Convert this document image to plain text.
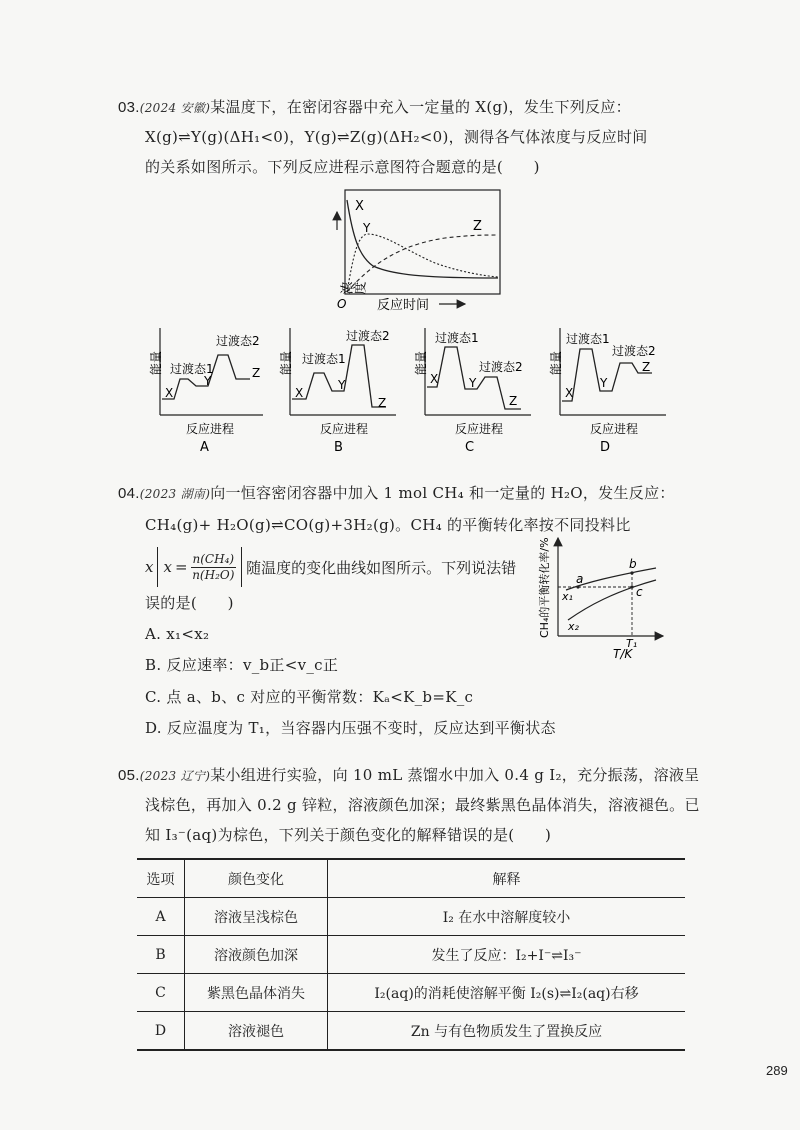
03.(2024 安徽)某温度下，在密闭容器中充入一定量的 X(g)，发生下列反应：
X(g)⇌Y(g)(ΔH₁<0)，Y(g)⇌Z(g)(ΔH₂<0)，测得各气体浓度与反应时间
的关系如图所示。下列反应进程示意图符合题意的是(　　)
X
Y	Z
浓度
O 反应时间
能量 过渡态1
过渡态2
X
Y
Z
反应进程
A
能量 过渡态1
过渡态2
X
Y
Z
反应进程
B
能量
过渡态1
过渡态2
X	Y
Z
反应进程
C
能量
过渡态1
过渡态2
X
Y
Z
反应进程
D
04.(2023 湖南)向一恒容密闭容器中加入 1 mol CH₄ 和一定量的 H₂O，发生反应：
CH₄(g)+ H₂O(g)⇌CO(g)+3H₂(g)。CH₄ 的平衡转化率按不同投料比
x $x = \frac{\text{n(CH₄)}}{\text{n(H₂O)}}$ 随温度的变化曲线如图所示。下列说法错
误的是(　　)
A. x₁<x₂
B. 反应速率：v_b正<v_c正
C. 点 a、b、c 对应的平衡常数：Kₐ<K_b=K_c
D. 反应温度为 T₁，当容器内压强不变时，反应达到平衡状态
CH₄的平衡转化率/% a
b
c
x₁
x₂
T₁
T/K
05.(2023 辽宁)某小组进行实验，向 10 mL 蒸馏水中加入 0.4 g I₂，充分振荡，溶液呈
浅棕色，再加入 0.2 g 锌粒，溶液颜色加深；最终紫黑色晶体消失，溶液褪色。已
知 I₃⁻(aq)为棕色，下列关于颜色变化的解释错误的是(　　)
选项	颜色变化	解释
A	溶液呈浅棕色	I₂ 在水中溶解度较小
B	溶液颜色加深	发生了反应：I₂+I⁻⇌I₃⁻
C	紫黑色晶体消失	I₂(aq)的消耗使溶解平衡 I₂(s)⇌I₂(aq)右移
D	溶液褪色	Zn 与有色物质发生了置换反应
289
